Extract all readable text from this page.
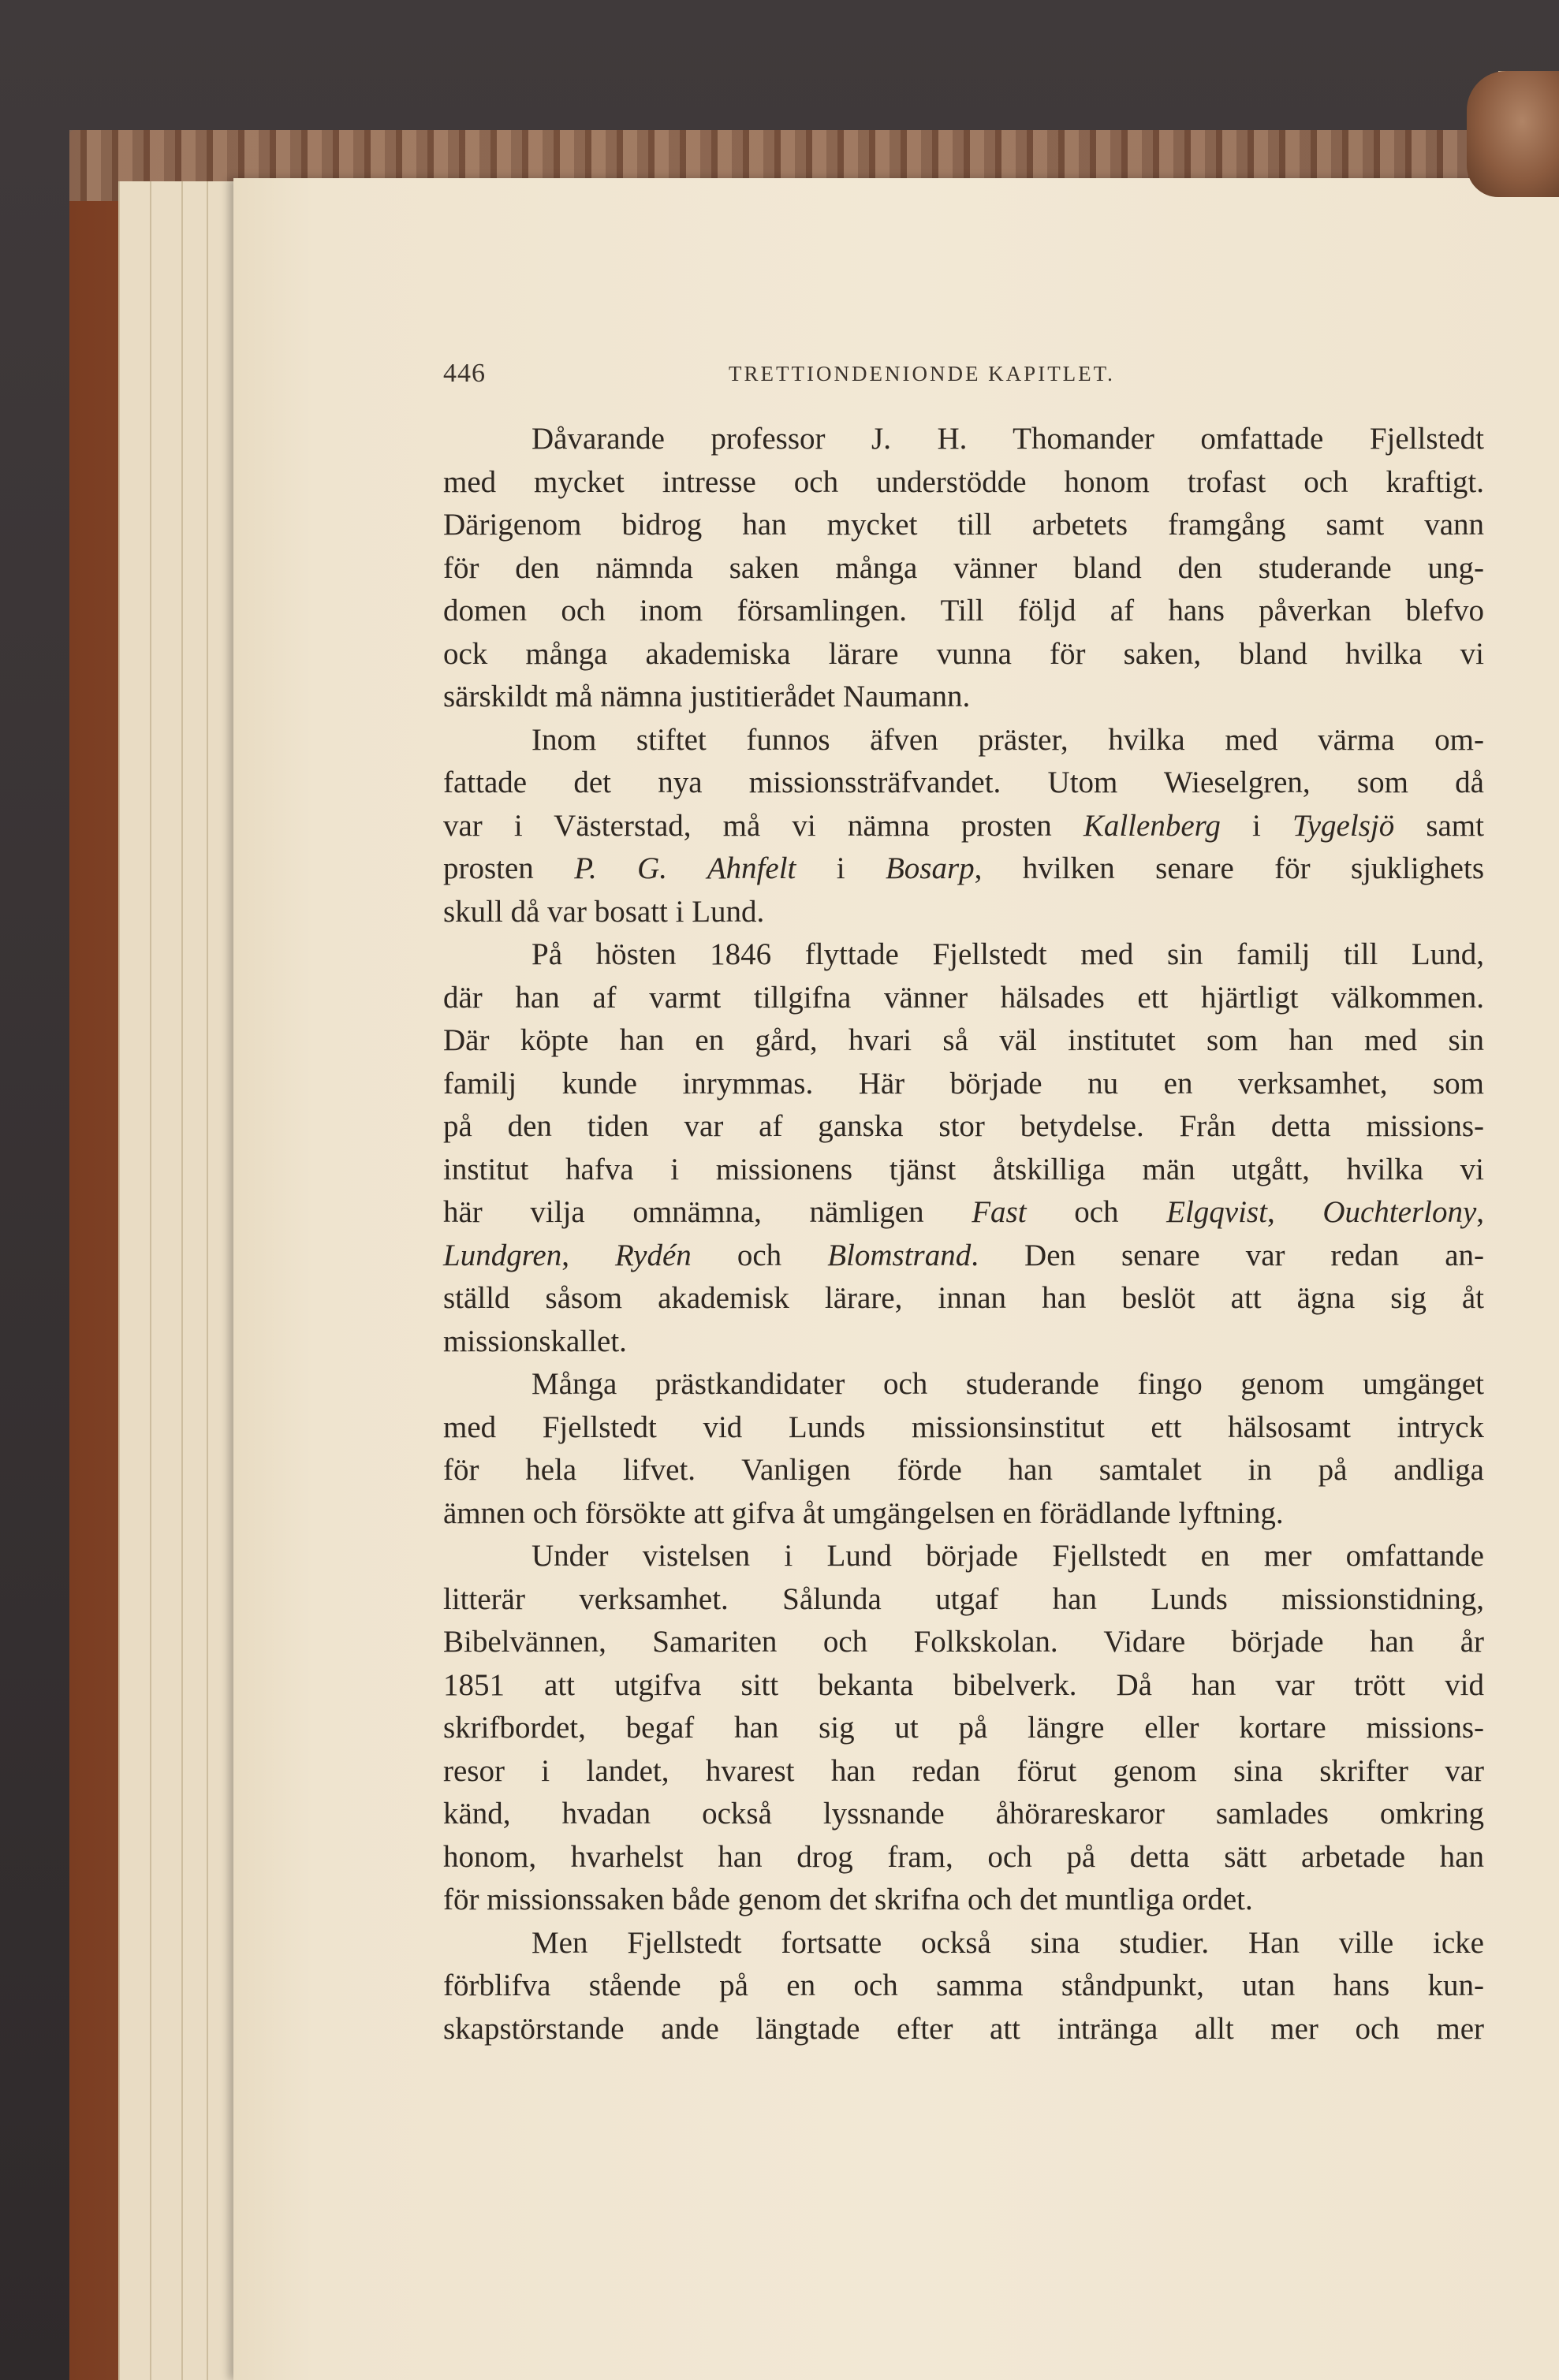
446	TRETTIONDENIONDE KAPITLET.
Dåvarande professor J. H. Thomander omfattade Fjellstedt
med mycket intresse och understödde honom trofast och kraftigt.
Därigenom bidrog han mycket till arbetets framgång samt vann
för den nämnda saken många vänner bland den studerande ung-
domen och inom församlingen. Till följd af hans påverkan blefvo
ock många akademiska lärare vunna för saken, bland hvilka vi
särskildt må nämna justitierådet Naumann.
Inom stiftet funnos äfven präster, hvilka med värma om-
fattade det nya missionssträfvandet. Utom Wieselgren, som då
var i Västerstad, må vi nämna prosten Kallenberg i Tygelsjö samt
prosten P. G. Ahnfelt i Bosarp, hvilken senare för sjuklighets
skull då var bosatt i Lund.
På hösten 1846 flyttade Fjellstedt med sin familj till Lund,
där han af varmt tillgifna vänner hälsades ett hjärtligt välkommen.
Där köpte han en gård, hvari så väl institutet som han med sin
familj kunde inrymmas. Här började nu en verksamhet, som
på den tiden var af ganska stor betydelse. Från detta missions-
institut hafva i missionens tjänst åtskilliga män utgått, hvilka vi
här vilja omnämna, nämligen Fast och Elgqvist, Ouchterlony,
Lundgren, Rydén och Blomstrand. Den senare var redan an-
ställd såsom akademisk lärare, innan han beslöt att ägna sig åt
missionskallet.
Många prästkandidater och studerande fingo genom umgänget
med Fjellstedt vid Lunds missionsinstitut ett hälsosamt intryck
för hela lifvet. Vanligen förde han samtalet in på andliga
ämnen och försökte att gifva åt umgängelsen en förädlande lyftning.
Under vistelsen i Lund började Fjellstedt en mer omfattande
litterär verksamhet. Sålunda utgaf han Lunds missionstidning,
Bibelvännen, Samariten och Folkskolan. Vidare började han år
1851 att utgifva sitt bekanta bibelverk. Då han var trött vid
skrifbordet, begaf han sig ut på längre eller kortare missions-
resor i landet, hvarest han redan förut genom sina skrifter var
känd, hvadan också lyssnande åhörareskaror samlades omkring
honom, hvarhelst han drog fram, och på detta sätt arbetade han
för missionssaken både genom det skrifna och det muntliga ordet.
Men Fjellstedt fortsatte också sina studier. Han ville icke
förblifva stående på en och samma ståndpunkt, utan hans kun-
skapstörstande ande längtade efter att intränga allt mer och mer
